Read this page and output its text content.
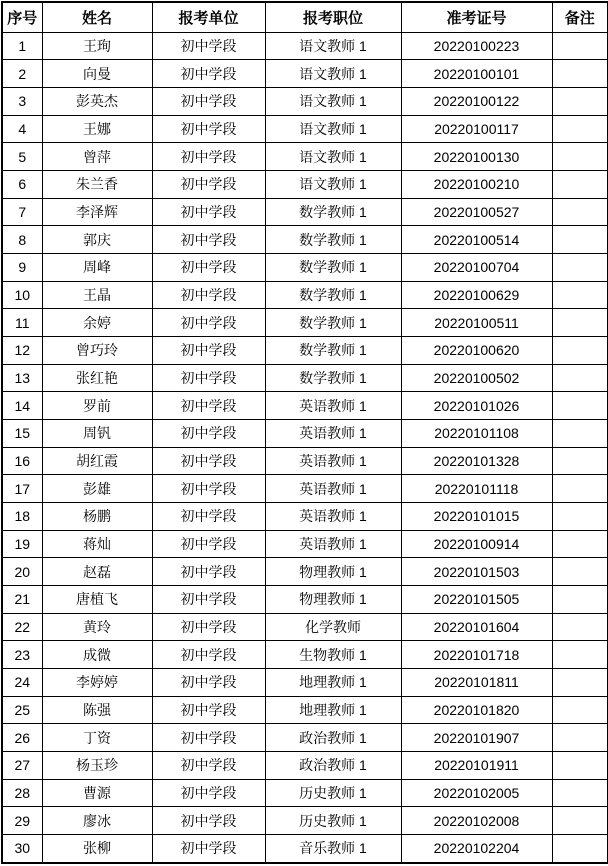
序号	姓名	报考单位	报考职位	准考证号	备注
1	王珣	初中学段	语文教师 1	20220100223	
2	向曼	初中学段	语文教师 1	20220100101	
3	彭英杰	初中学段	语文教师 1	20220100122	
4	王娜	初中学段	语文教师 1	20220100117	
5	曾萍	初中学段	语文教师 1	20220100130	
6	朱兰香	初中学段	语文教师 1	20220100210	
7	李泽辉	初中学段	数学教师 1	20220100527	
8	郭庆	初中学段	数学教师 1	20220100514	
9	周峰	初中学段	数学教师 1	20220100704	
10	王晶	初中学段	数学教师 1	20220100629	
11	余婷	初中学段	数学教师 1	20220100511	
12	曾巧玲	初中学段	数学教师 1	20220100620	
13	张红艳	初中学段	数学教师 1	20220100502	
14	罗前	初中学段	英语教师 1	20220101026	
15	周钒	初中学段	英语教师 1	20220101108	
16	胡红霞	初中学段	英语教师 1	20220101328	
17	彭雄	初中学段	英语教师 1	20220101118	
18	杨鹏	初中学段	英语教师 1	20220101015	
19	蒋灿	初中学段	英语教师 1	20220100914	
20	赵磊	初中学段	物理教师 1	20220101503	
21	唐植飞	初中学段	物理教师 1	20220101505	
22	黄玲	初中学段	化学教师	20220101604	
23	成微	初中学段	生物教师 1	20220101718	
24	李婷婷	初中学段	地理教师 1	20220101811	
25	陈强	初中学段	地理教师 1	20220101820	
26	丁资	初中学段	政治教师 1	20220101907	
27	杨玉珍	初中学段	政治教师 1	20220101911	
28	曹源	初中学段	历史教师 1	20220102005	
29	廖冰	初中学段	历史教师 1	20220102008	
30	张柳	初中学段	音乐教师 1	20220102204	
